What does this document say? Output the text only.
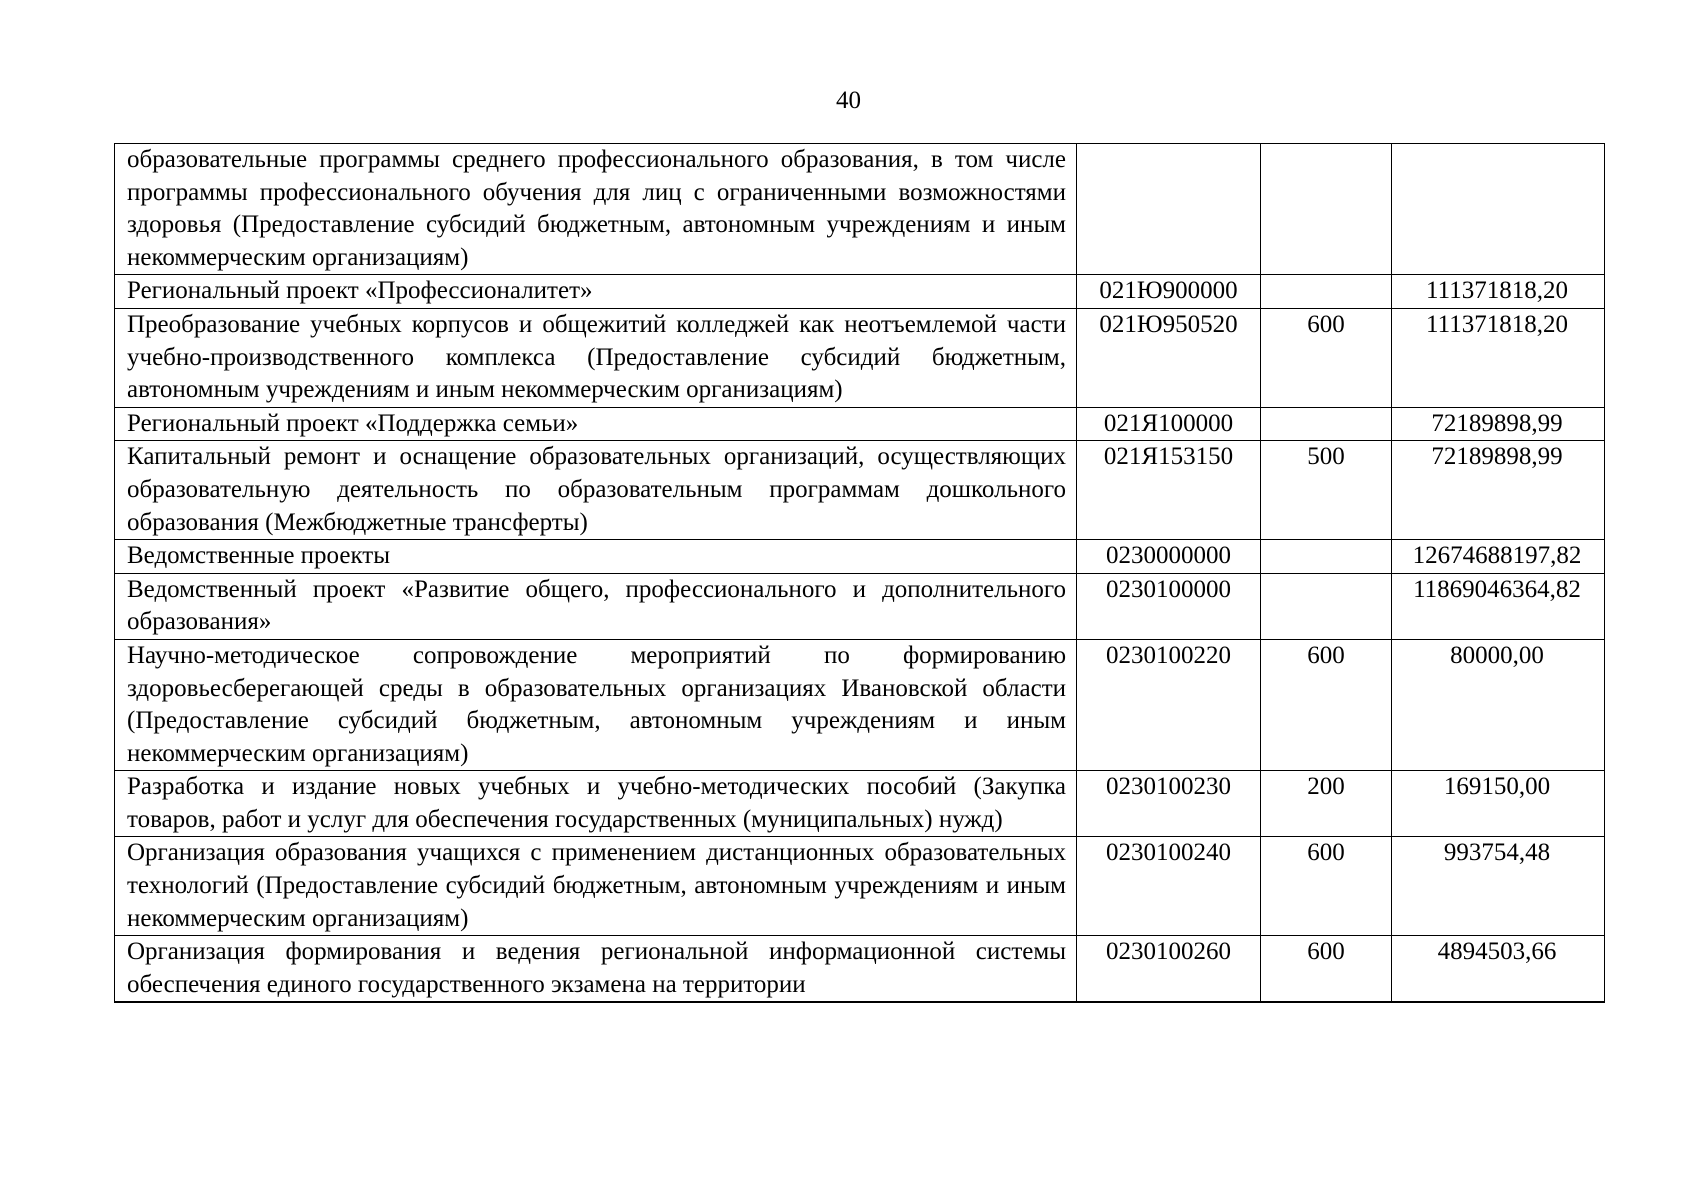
40
образовательные программы среднего профессионального образования, в том числе программы профессионального обучения для лиц с ограниченными возможностями здоровья (Предоставление субсидий бюджетным, автономным учреждениям и иным некоммерческим организациям)			
Региональный проект «Профессионалитет»	021Ю900000		111371818,20
Преобразование учебных корпусов и общежитий колледжей как неотъемлемой части учебно-производственного комплекса (Предоставление субсидий бюджетным, автономным учреждениям и иным некоммерческим организациям)	021Ю950520	600	111371818,20
Региональный проект «Поддержка семьи»	021Я100000		72189898,99
Капитальный ремонт и оснащение образовательных организаций, осуществляющих образовательную деятельность по образовательным программам дошкольного образования (Межбюджетные трансферты)	021Я153150	500	72189898,99
Ведомственные проекты	0230000000		12674688197,82
Ведомственный проект «Развитие общего, профессионального и дополнительного образования»	0230100000		11869046364,82
Научно-методическое сопровождение мероприятий по формированию здоровьесберегающей среды в образовательных организациях Ивановской области (Предоставление субсидий бюджетным, автономным учреждениям и иным некоммерческим организациям)	0230100220	600	80000,00
Разработка и издание новых учебных и учебно-методических пособий (Закупка товаров, работ и услуг для обеспечения государственных (муниципальных) нужд)	0230100230	200	169150,00
Организация образования учащихся с применением дистанционных образовательных технологий (Предоставление субсидий бюджетным, автономным учреждениям и иным некоммерческим организациям)	0230100240	600	993754,48
Организация формирования и ведения региональной информационной системы обеспечения единого государственного экзамена на территории	0230100260	600	4894503,66
